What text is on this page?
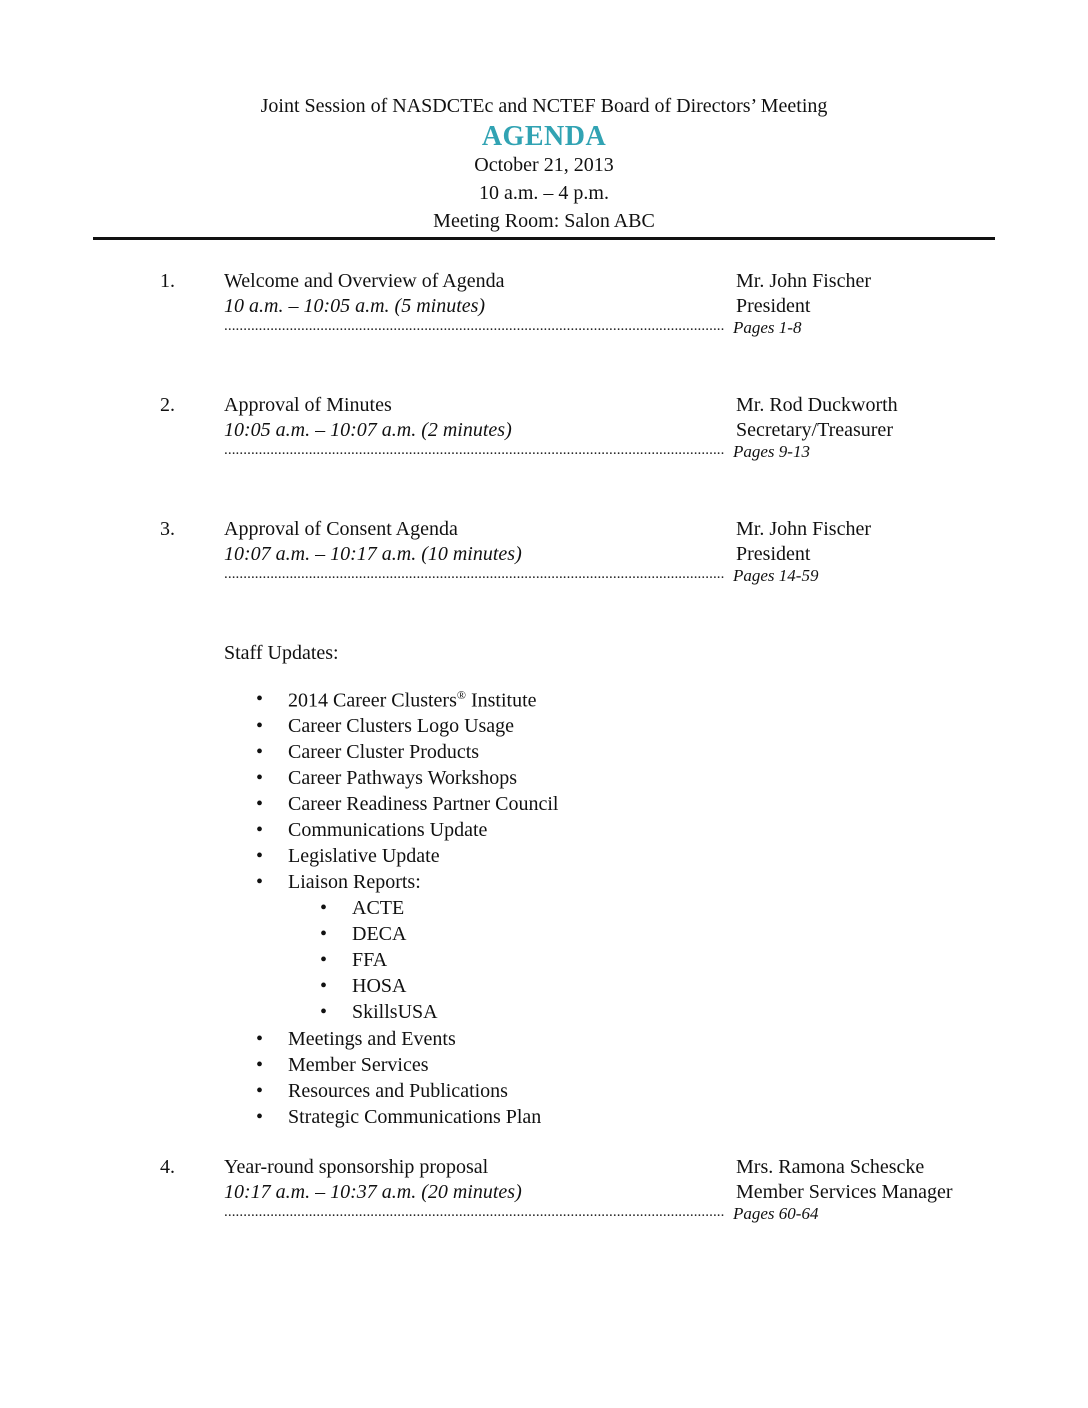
Joint Session of NASDCTEc and NCTEF Board of Directors’ Meeting
AGENDA
October 21, 2013
10 a.m. – 4 p.m.
Meeting Room: Salon ABC
1. Welcome and Overview of Agenda
10 a.m. – 10:05 a.m. (5 minutes)
Mr. John Fischer
President
.....
Pages 1-8
2. Approval of Minutes
10:05 a.m. – 10:07 a.m. (2 minutes)
Mr. Rod Duckworth
Secretary/Treasurer
.....
Pages 9-13
3. Approval of Consent Agenda
10:07 a.m. – 10:17 a.m. (10 minutes)
Mr. John Fischer
President
.....
Pages 14-59
Staff Updates:
• 2014 Career Clusters® Institute
• Career Clusters Logo Usage
• Career Cluster Products
• Career Pathways Workshops
• Career Readiness Partner Council
• Communications Update
• Legislative Update
• Liaison Reports:
• ACTE
• DECA
• FFA
• HOSA
• SkillsUSA
• Meetings and Events
• Member Services
• Resources and Publications
• Strategic Communications Plan
4. Year-round sponsorship proposal
10:17 a.m. – 10:37 a.m. (20 minutes)
Mrs. Ramona Schescke
Member Services Manager
.....
Pages 60-64
